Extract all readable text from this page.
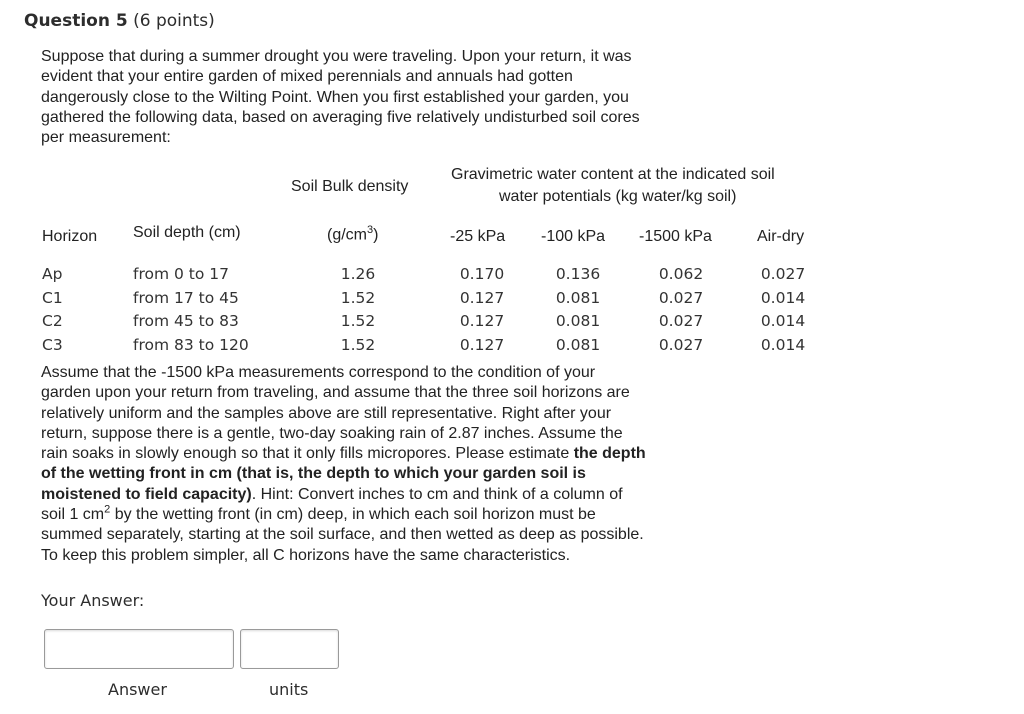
Question 5 (6 points)
Suppose that during a summer drought you were traveling. Upon your return, it was
evident that your entire garden of mixed perennials and annuals had gotten
dangerously close to the Wilting Point. When you first established your garden, you
gathered the following data, based on averaging five relatively undisturbed soil cores
per measurement:
Soil Bulk density
Gravimetric water content at the indicated soil
water potentials (kg water/kg soil)
Horizon Soil depth (cm)	$(g/cm^3)$	-25 kPa -100 kPa -1500 kPa	Air-dry
Ap	from 0 to 17	1.26	0.170	0.136	0.062	0.027
C1	from 17 to 45	1.52	0.127	0.081	0.027	0.014
C2	from 45 to 83	1.52	0.127	0.081	0.027	0.014
C3	from 83 to 120	1.52	0.127	0.081	0.027	0.014
Assume that the -1500 kPa measurements correspond to the condition of your
garden upon your return from traveling, and assume that the three soil horizons are
relatively uniform and the samples above are still representative. Right after your
return, suppose there is a gentle, two-day soaking rain of 2.87 inches. Assume the
rain soaks in slowly enough so that it only fills micropores. Please estimate the depth
of the wetting front in cm (that is, the depth to which your garden soil is
moistened to field capacity). Hint: Convert inches to cm and think of a column of
soil 1 $cm^2$ by the wetting front (in cm) deep, in which each soil horizon must be
summed separately, starting at the soil surface, and then wetted as deep as possible.
To keep this problem simpler, all C horizons have the same characteristics.
Your Answer:
Answer	units
